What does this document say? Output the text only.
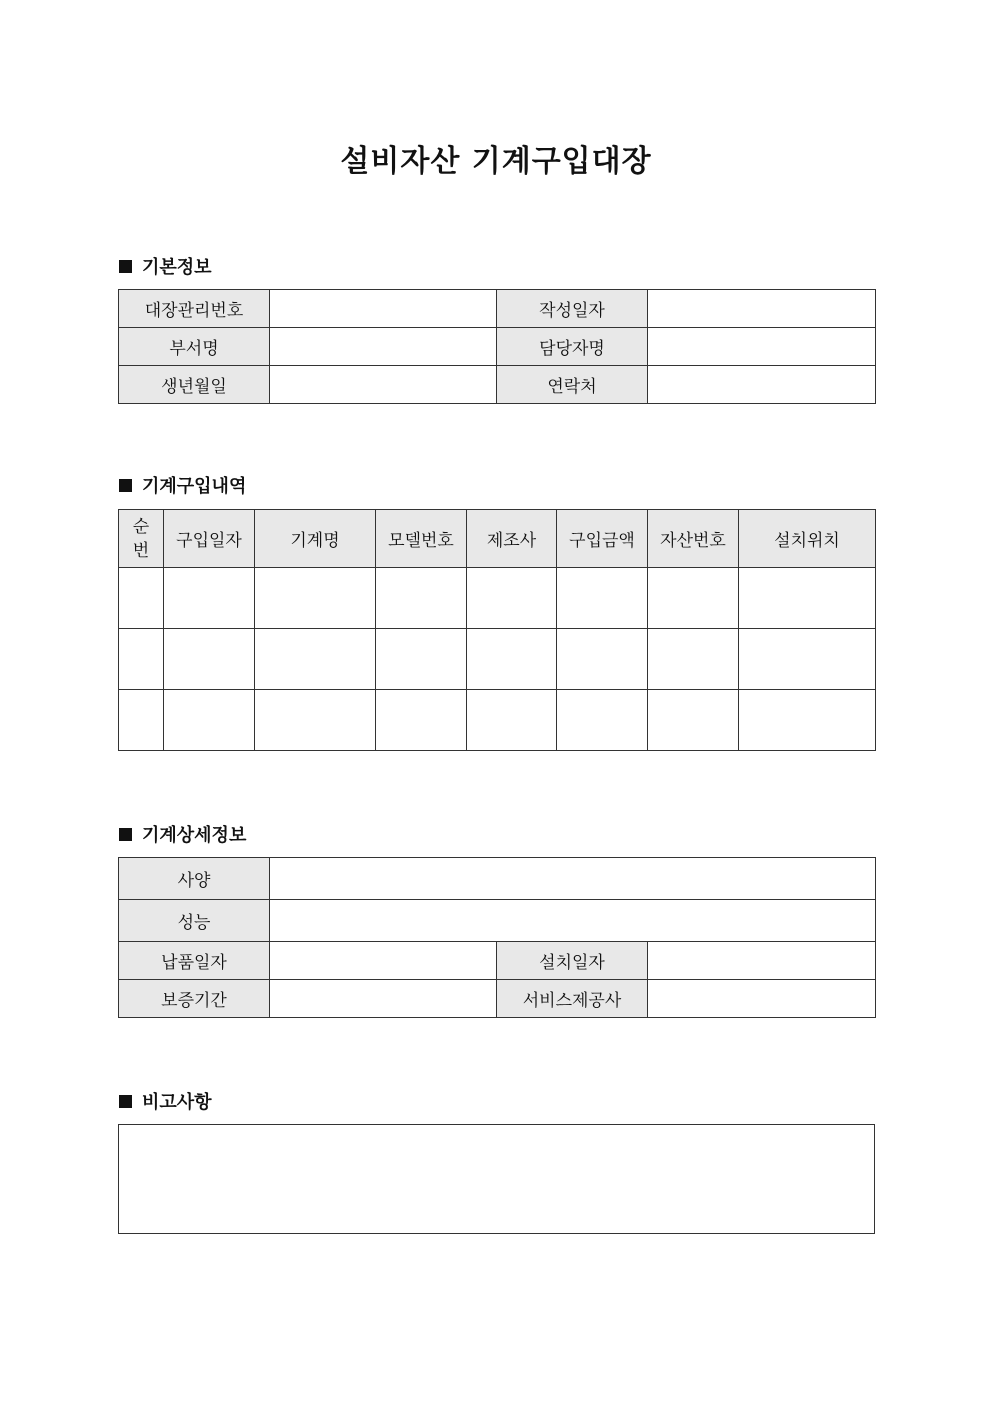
설비자산 기계구입대장
기본정보
대장관리번호		작성일자	
부서명		담당자명	
생년월일		연락처	
기계구입내역
순
번	구입일자	기계명	모델번호	제조사	구입금액	자산번호	설치위치

기계상세정보
사양			
성능			
납품일자		설치일자	
보증기간		서비스제공사	
비고사항
